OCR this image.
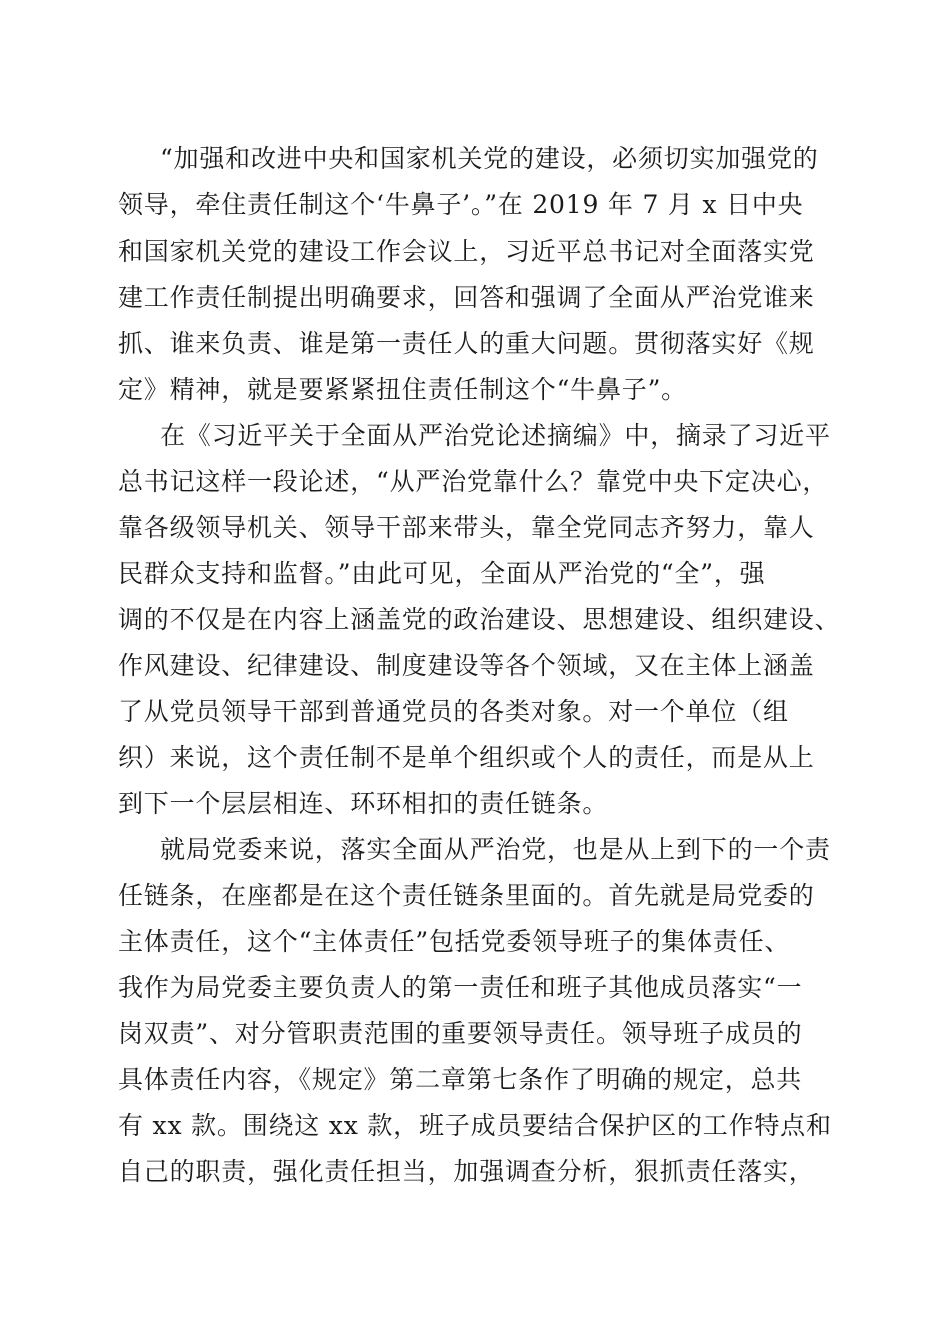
“加强和改进中央和国家机关党的建设，必须切实加强党的
领导，牵住责任制这个‘牛鼻子’。”在 2019 年 7 月 x 日中央
和国家机关党的建设工作会议上，习近平总书记对全面落实党
建工作责任制提出明确要求，回答和强调了全面从严治党谁来
抓、谁来负责、谁是第一责任人的重大问题。贯彻落实好《规
定》精神，就是要紧紧扭住责任制这个“牛鼻子”。
在《习近平关于全面从严治党论述摘编》中，摘录了习近平
总书记这样一段论述，“从严治党靠什么？靠党中央下定决心，
靠各级领导机关、领导干部来带头，靠全党同志齐努力，靠人
民群众支持和监督。”由此可见，全面从严治党的“全”，强
调的不仅是在内容上涵盖党的政治建设、思想建设、组织建设、
作风建设、纪律建设、制度建设等各个领域，又在主体上涵盖
了从党员领导干部到普通党员的各类对象。对一个单位（组
织）来说，这个责任制不是单个组织或个人的责任，而是从上
到下一个层层相连、环环相扣的责任链条。
就局党委来说，落实全面从严治党，也是从上到下的一个责
任链条，在座都是在这个责任链条里面的。首先就是局党委的
主体责任，这个“主体责任”包括党委领导班子的集体责任、
我作为局党委主要负责人的第一责任和班子其他成员落实“一
岗双责”、对分管职责范围的重要领导责任。领导班子成员的
具体责任内容，《规定》第二章第七条作了明确的规定，总共
有 xx 款。围绕这 xx 款，班子成员要结合保护区的工作特点和
自己的职责，强化责任担当，加强调查分析，狠抓责任落实，
